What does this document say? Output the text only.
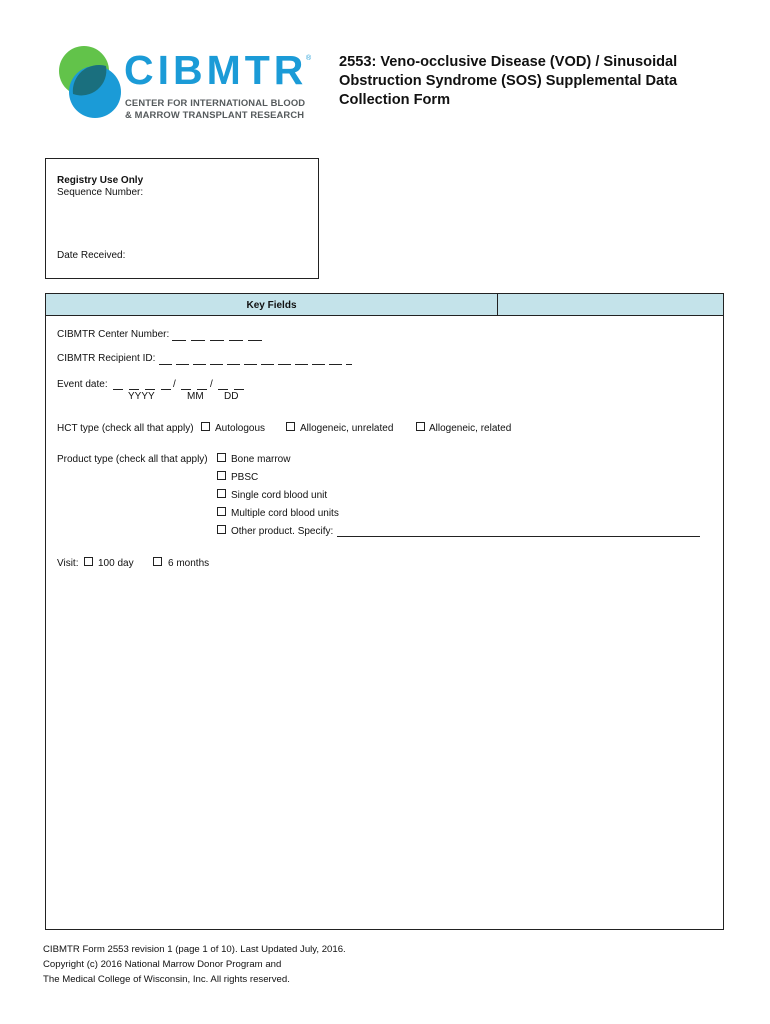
CIBMTR
®
CENTER FOR INTERNATIONAL BLOOD
& MARROW TRANSPLANT RESEARCH
2553: Veno-occlusive Disease (VOD) / Sinusoidal Obstruction Syndrome (SOS) Supplemental Data Collection Form
Registry Use Only
Sequence Number:
Date Received:
Key Fields
CIBMTR Center Number:
CIBMTR Recipient ID:
Event date:	/	/
YYYY	MM DD
HCT type (check all that apply) Autologous	Allogeneic, unrelated	Allogeneic, related
Product type (check all that apply) Bone marrow
PBSC
Single cord blood unit
Multiple cord blood units
Other product. Specify:
Visit: 100 day	6 months
CIBMTR Form 2553 revision 1 (page 1 of 10). Last Updated July, 2016.
Copyright (c) 2016 National Marrow Donor Program and
The Medical College of Wisconsin, Inc. All rights reserved.
